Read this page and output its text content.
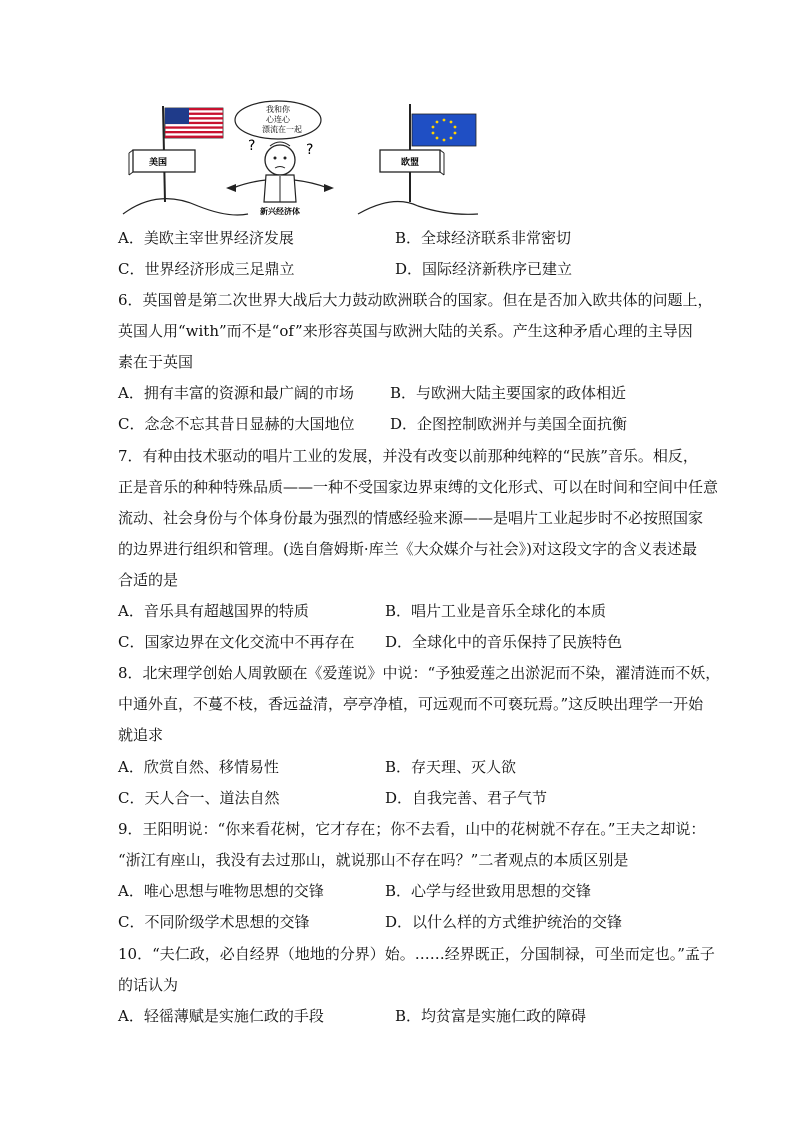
美国
我和你
心连心
漂流在一起
?	?
新兴经济体
欧盟
A．美欧主宰世界经济发展	B．全球经济联系非常密切
C．世界经济形成三足鼎立	D．国际经济新秩序已建立
6．英国曾是第二次世界大战后大力鼓动欧洲联合的国家。但在是否加入欧共体的问题上，
英国人用“with”而不是“of”来形容英国与欧洲大陆的关系。产生这种矛盾心理的主导因
素在于英国
A．拥有丰富的资源和最广阔的市场 B．与欧洲大陆主要国家的政体相近
C．念念不忘其昔日显赫的大国地位 D．企图控制欧洲并与美国全面抗衡
7．有种由技术驱动的唱片工业的发展，并没有改变以前那种纯粹的“民族”音乐。相反，
正是音乐的种种特殊品质——一种不受国家边界束缚的文化形式、可以在时间和空间中任意
流动、社会身份与个体身份最为强烈的情感经验来源——是唱片工业起步时不必按照国家
的边界进行组织和管理。(选自詹姆斯·库兰《大众媒介与社会》)对这段文字的含义表述最
合适的是
A．音乐具有超越国界的特质	B．唱片工业是音乐全球化的本质
C．国家边界在文化交流中不再存在 D．全球化中的音乐保持了民族特色
8．北宋理学创始人周敦颐在《爱莲说》中说：“予独爱莲之出淤泥而不染，濯清涟而不妖，
中通外直，不蔓不枝，香远益清，亭亭净植，可远观而不可亵玩焉。”这反映出理学一开始
就追求
A．欣赏自然、移情易性	B．存天理、灭人欲
C．天人合一、道法自然	D．自我完善、君子气节
9．王阳明说：“你来看花树，它才存在；你不去看，山中的花树就不存在。”王夫之却说：
“浙江有座山，我没有去过那山，就说那山不存在吗？”二者观点的本质区别是
A．唯心思想与唯物思想的交锋	B．心学与经世致用思想的交锋
C．不同阶级学术思想的交锋	D．以什么样的方式维护统治的交锋
10．“夫仁政，必自经界（地地的分界）始。……经界既正，分国制禄，可坐而定也。”孟子
的话认为
A．轻徭薄赋是实施仁政的手段	B．均贫富是实施仁政的障碍
